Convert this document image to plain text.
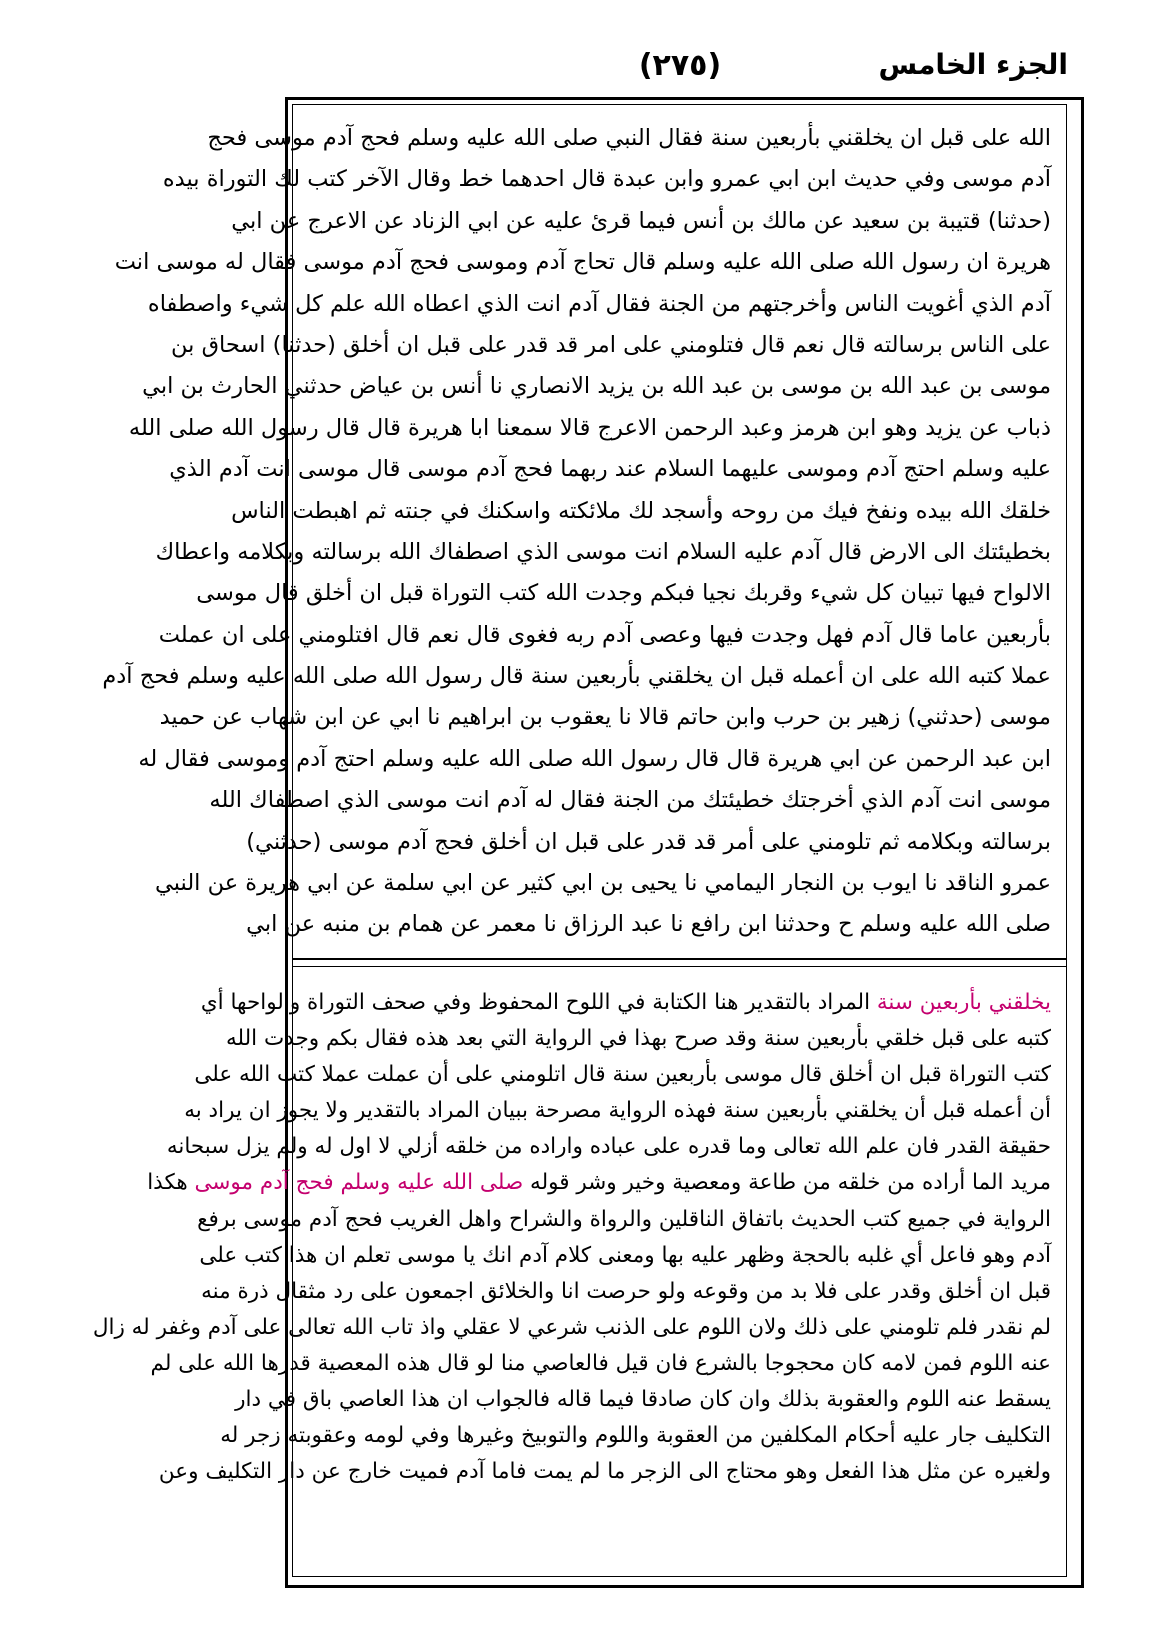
(٢٧٥)	الجزء الخامس
الله على قبل ان يخلقني بأربعين سنة فقال النبي صلى الله عليه وسلم فحج آدم موسى فحج
آدم موسى وفي حديث ابن ابي عمرو وابن عبدة قال احدهما خط وقال الآخر كتب لك التوراة بيده
(حدثنا) قتيبة بن سعيد عن مالك بن أنس فيما قرئ عليه عن ابي الزناد عن الاعرج عن ابي
هريرة ان رسول الله صلى الله عليه وسلم قال تحاج آدم وموسى فحج آدم موسى فقال له موسى انت
آدم الذي أغويت الناس وأخرجتهم من الجنة فقال آدم انت الذي اعطاه الله علم كل شيء واصطفاه
على الناس برسالته قال نعم قال فتلومني على امر قد قدر على قبل ان أخلق (حدثنا) اسحاق بن
موسى بن عبد الله بن موسى بن عبد الله بن يزيد الانصاري نا أنس بن عياض حدثني الحارث بن ابي
ذباب عن يزيد وهو ابن هرمز وعبد الرحمن الاعرج قالا سمعنا ابا هريرة قال قال رسول الله صلى الله
عليه وسلم احتج آدم وموسى عليهما السلام عند ربهما فحج آدم موسى قال موسى انت آدم الذي
خلقك الله بيده ونفخ فيك من روحه وأسجد لك ملائكته واسكنك في جنته ثم اهبطت الناس
بخطيئتك الى الارض قال آدم عليه السلام انت موسى الذي اصطفاك الله برسالته وبكلامه واعطاك
الالواح فيها تبيان كل شيء وقربك نجيا فبكم وجدت الله كتب التوراة قبل ان أخلق قال موسى
بأربعين عاما قال آدم فهل وجدت فيها وعصى آدم ربه فغوى قال نعم قال افتلومني على ان عملت
عملا كتبه الله على ان أعمله قبل ان يخلقني بأربعين سنة قال رسول الله صلى الله عليه وسلم فحج آدم
موسى (حدثني) زهير بن حرب وابن حاتم قالا نا يعقوب بن ابراهيم نا ابي عن ابن شهاب عن حميد
ابن عبد الرحمن عن ابي هريرة قال قال رسول الله صلى الله عليه وسلم احتج آدم وموسى فقال له
موسى انت آدم الذي أخرجتك خطيئتك من الجنة فقال له آدم انت موسى الذي اصطفاك الله
برسالته وبكلامه ثم تلومني على أمر قد قدر على قبل ان أخلق فحج آدم موسى (حدثني)
عمرو الناقد نا ايوب بن النجار اليمامي نا يحيى بن ابي كثير عن ابي سلمة عن ابي هريرة عن النبي
صلى الله عليه وسلم ح وحدثنا ابن رافع نا عبد الرزاق نا معمر عن همام بن منبه عن ابي
يخلقني بأربعين سنة المراد بالتقدير هنا الكتابة في اللوح المحفوظ وفي صحف التوراة والواحها أي
كتبه على قبل خلقي بأربعين سنة وقد صرح بهذا في الرواية التي بعد هذه فقال بكم وجدت الله
كتب التوراة قبل ان أخلق قال موسى بأربعين سنة قال اتلومني على أن عملت عملا كتب الله على
أن أعمله قبل أن يخلقني بأربعين سنة فهذه الرواية مصرحة ببيان المراد بالتقدير ولا يجوز ان يراد به
حقيقة القدر فان علم الله تعالى وما قدره على عباده واراده من خلقه أزلي لا اول له ولم يزل سبحانه
مريد الما أراده من خلقه من طاعة ومعصية وخير وشر قوله صلى الله عليه وسلم فحج آدم موسى هكذا
الرواية في جميع كتب الحديث باتفاق الناقلين والرواة والشراح واهل الغريب فحج آدم موسى برفع
آدم وهو فاعل أي غلبه بالحجة وظهر عليه بها ومعنى كلام آدم انك يا موسى تعلم ان هذا كتب على
قبل ان أخلق وقدر على فلا بد من وقوعه ولو حرصت انا والخلائق اجمعون على رد مثقال ذرة منه
لم نقدر فلم تلومني على ذلك ولان اللوم على الذنب شرعي لا عقلي واذ تاب الله تعالى على آدم وغفر له زال
عنه اللوم فمن لامه كان محجوجا بالشرع فان قيل فالعاصي منا لو قال هذه المعصية قدرها الله على لم
يسقط عنه اللوم والعقوبة بذلك وان كان صادقا فيما قاله فالجواب ان هذا العاصي باق في دار
التكليف جار عليه أحكام المكلفين من العقوبة واللوم والتوبيخ وغيرها وفي لومه وعقوبته زجر له
ولغيره عن مثل هذا الفعل وهو محتاج الى الزجر ما لم يمت فاما آدم فميت خارج عن دار التكليف وعن
